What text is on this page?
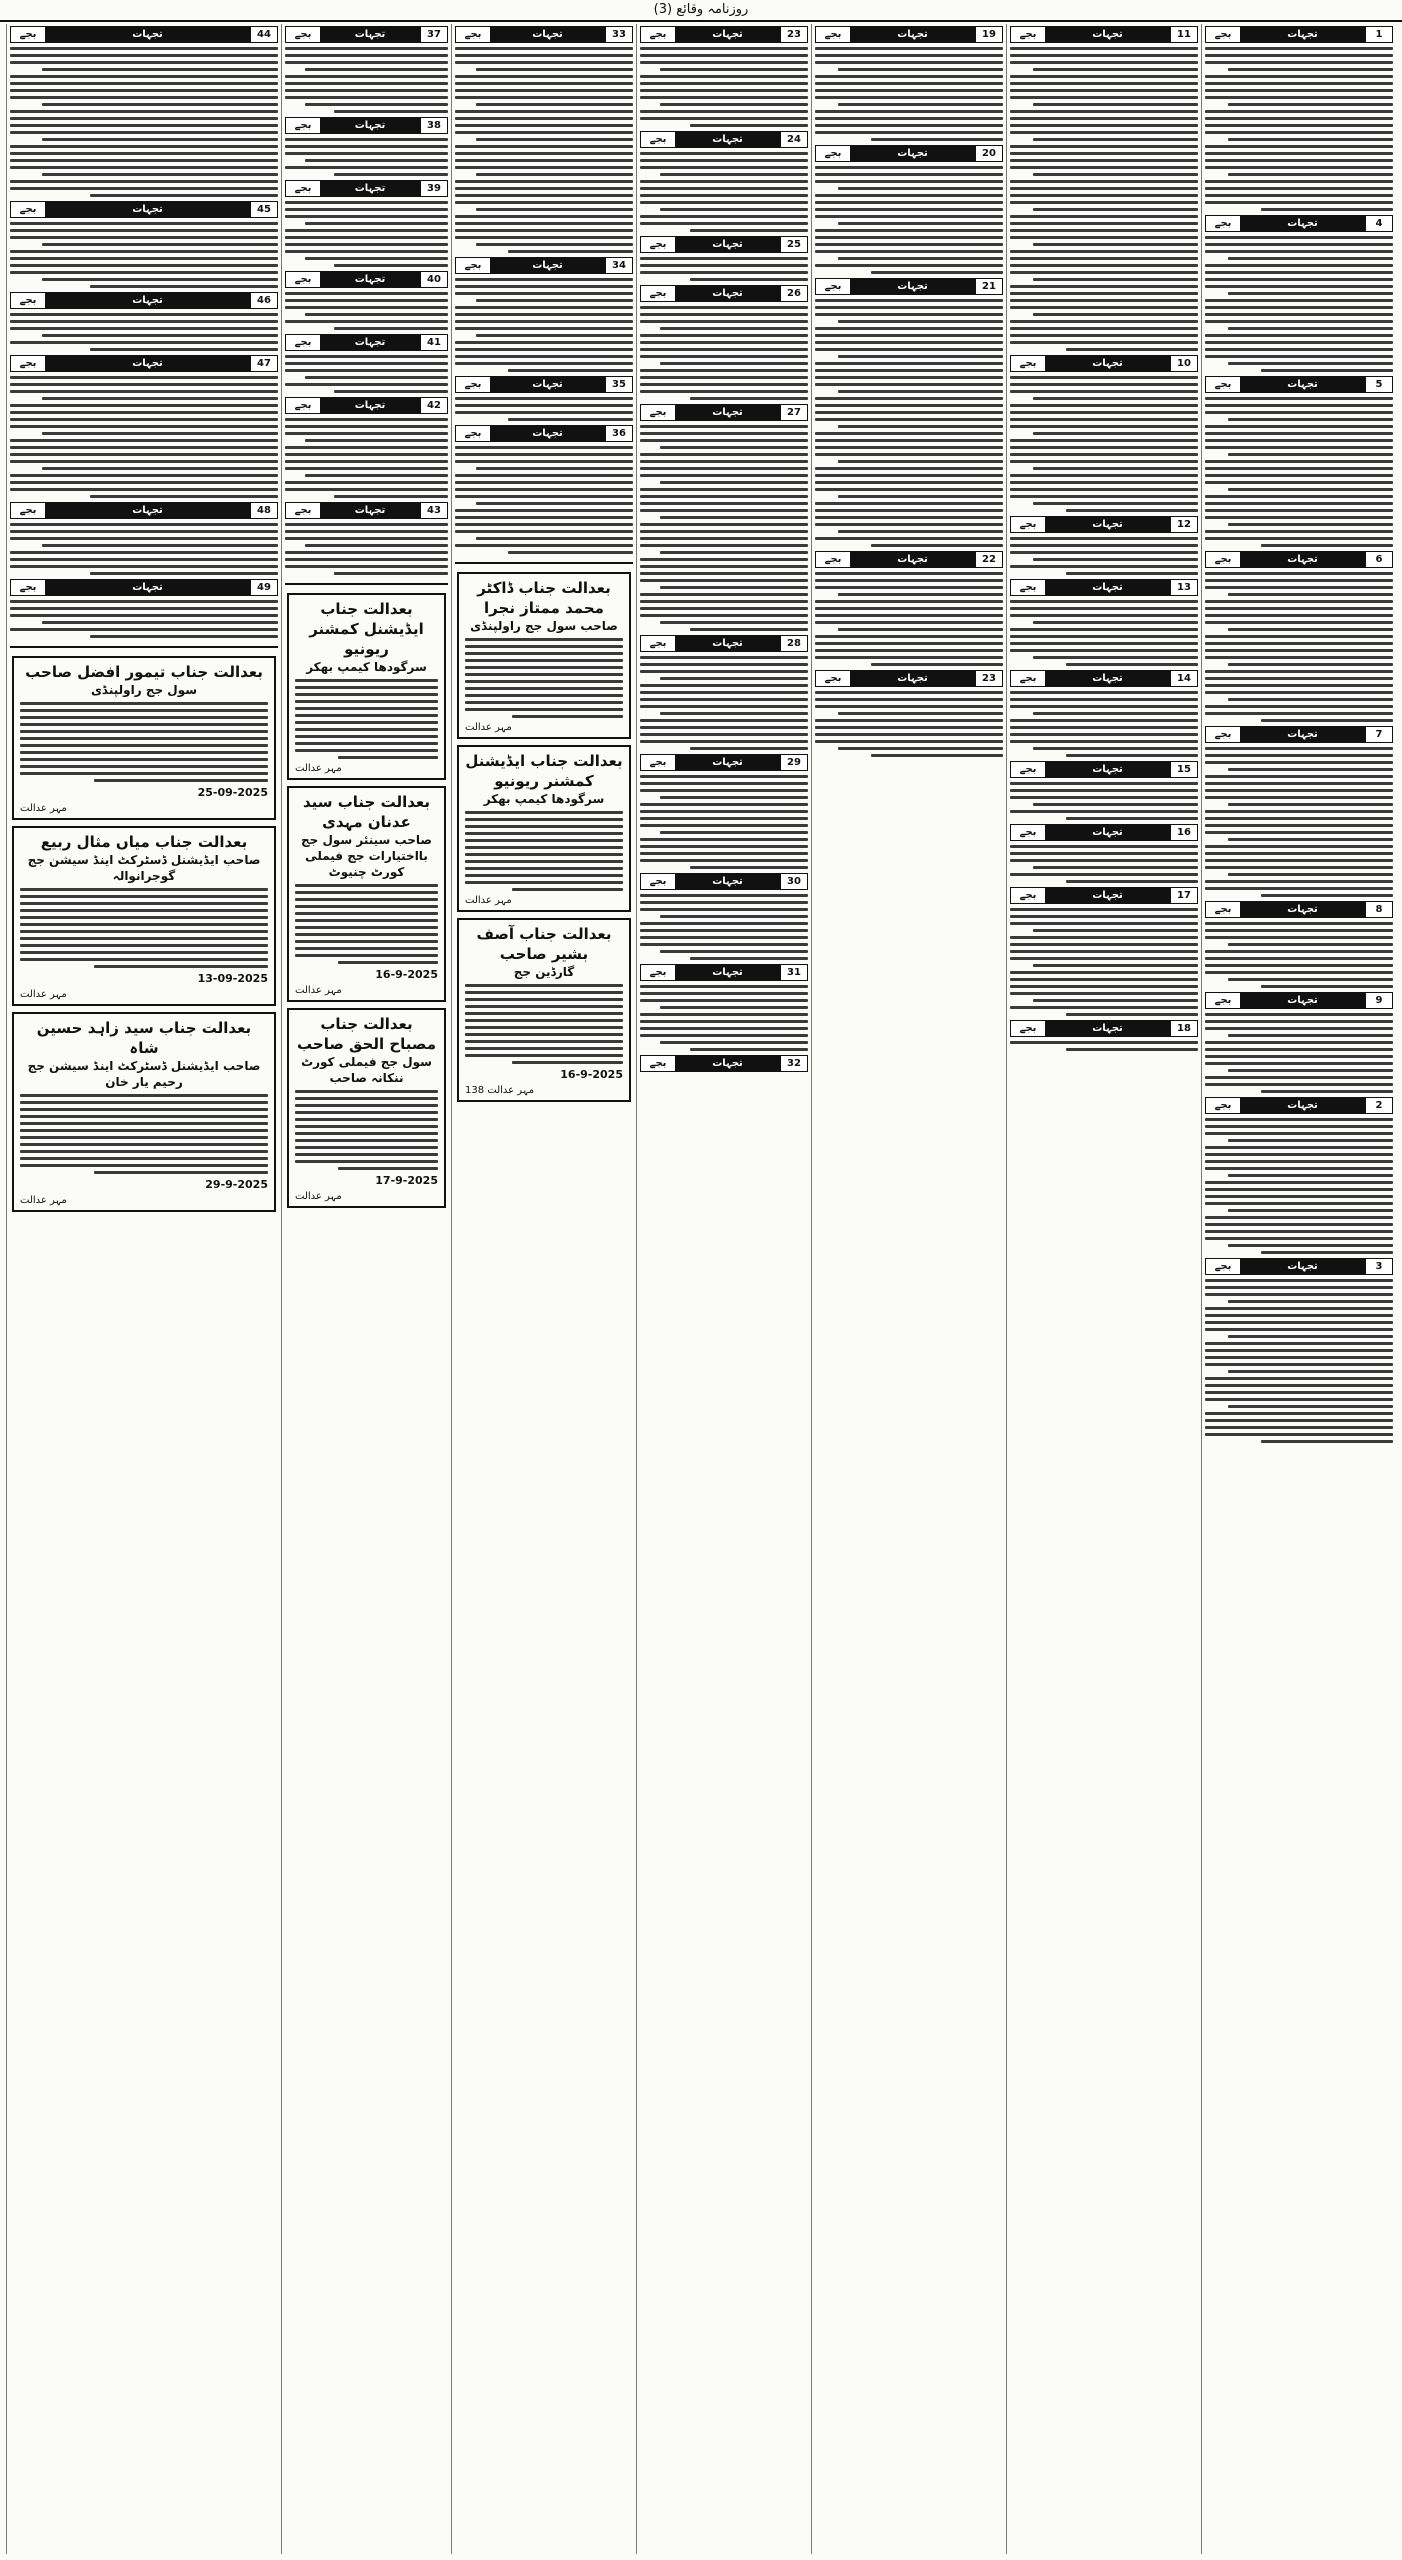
روزنامہ وقائع (3)
1
تجہات
بجے
4
تجہات
بجے
5
تجہات
بجے
6
تجہات
بجے
7
تجہات
بجے
8
تجہات
بجے
9
تجہات
بجے
2
تجہات
بجے
3
تجہات
بجے
11
تجہات
بجے
10
تجہات
بجے
12
تجہات
بجے
13
تجہات
بجے
14
تجہات
بجے
15
تجہات
بجے
16
تجہات
بجے
17
تجہات
بجے
18
تجہات
بجے
19
تجہات
بجے
20
تجہات
بجے
21
تجہات
بجے
22
تجہات
بجے
23
تجہات
بجے
23
تجہات
بجے
24
تجہات
بجے
25
تجہات
بجے
26
تجہات
بجے
27
تجہات
بجے
28
تجہات
بجے
29
تجہات
بجے
30
تجہات
بجے
31
تجہات
بجے
32
تجہات
بجے
33
تجہات
بجے
34
تجہات
بجے
35
تجہات
بجے
36
تجہات
بجے
بعدالت جناب ڈاکٹر محمد ممتاز نجرا
صاحب سول جج راولپنڈی
مہر عدالت
بعدالت جناب ایڈیشنل کمشنر ریونیو
سرگودھا کیمپ بھکر
مہر عدالت
بعدالت جناب آصف بشیر صاحب
گارڈین جج
16-9-2025
مہر عدالت 138
37
تجہات
بجے
38
تجہات
بجے
39
تجہات
بجے
40
تجہات
بجے
41
تجہات
بجے
42
تجہات
بجے
43
تجہات
بجے
بعدالت جناب ایڈیشنل کمشنر ریونیو
سرگودھا کیمپ بھکر
مہر عدالت
بعدالت جناب سید عدنان مہدی
صاحب سینئر سول جج بااختیارات جج فیملی کورٹ چنیوٹ
16-9-2025
مہر عدالت
بعدالت جناب مصباح الحق صاحب
سول جج فیملی کورٹ ننکانہ صاحب
17-9-2025
مہر عدالت
44
تجہات
بجے
45
تجہات
بجے
46
تجہات
بجے
47
تجہات
بجے
48
تجہات
بجے
49
تجہات
بجے
بعدالت جناب تیمور افضل صاحب
سول جج راولپنڈی
25-09-2025
مہر عدالت
بعدالت جناب میاں مثال ربیع
صاحب ایڈیشنل ڈسٹرکٹ اینڈ سیشن جج گوجرانوالہ
13-09-2025
مہر عدالت
بعدالت جناب سید زاہد حسین شاہ
صاحب ایڈیشنل ڈسٹرکٹ اینڈ سیشن جج رحیم یار خان
29-9-2025
مہر عدالت
